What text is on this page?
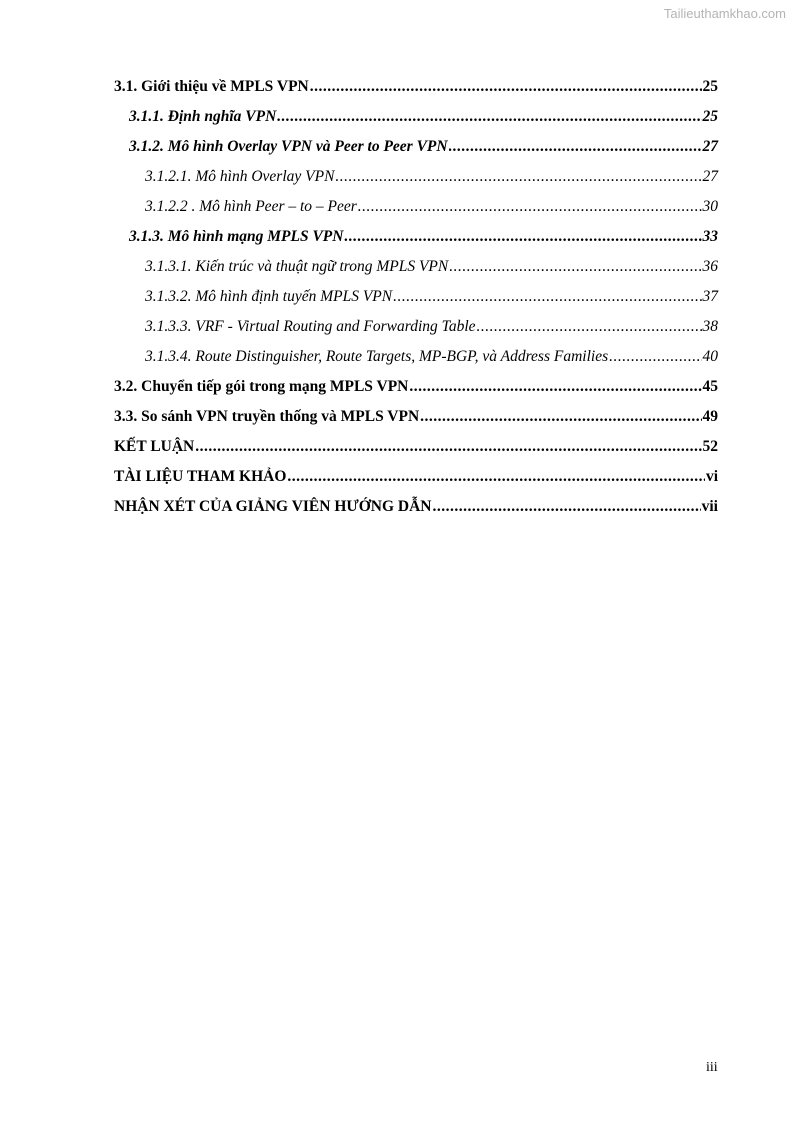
Tailieuthamkhao.com
3.1. Giới thiệu về MPLS VPN .....	25
3.1.1. Định nghĩa VPN .....	25
3.1.2. Mô hình Overlay VPN và Peer to Peer VPN .....	27
3.1.2.1. Mô hình Overlay VPN .....	27
3.1.2.2 . Mô hình Peer – to – Peer .....	30
3.1.3. Mô hình mạng MPLS VPN .....	33
3.1.3.1. Kiến trúc và thuật ngữ trong MPLS VPN .....	36
3.1.3.2. Mô hình định tuyến MPLS VPN .....	37
3.1.3.3. VRF - Virtual Routing and Forwarding Table .....	38
3.1.3.4. Route Distinguisher, Route Targets, MP-BGP, và Address Families .....	40
3.2. Chuyển tiếp gói trong mạng MPLS VPN .....	45
3.3. So sánh VPN truyền thống và MPLS VPN .....	49
KẾT LUẬN .....	52
TÀI LIỆU THAM KHẢO .....	vi
NHẬN XÉT CỦA GIẢNG VIÊN HƯỚNG DẪN .....	vii
iii
